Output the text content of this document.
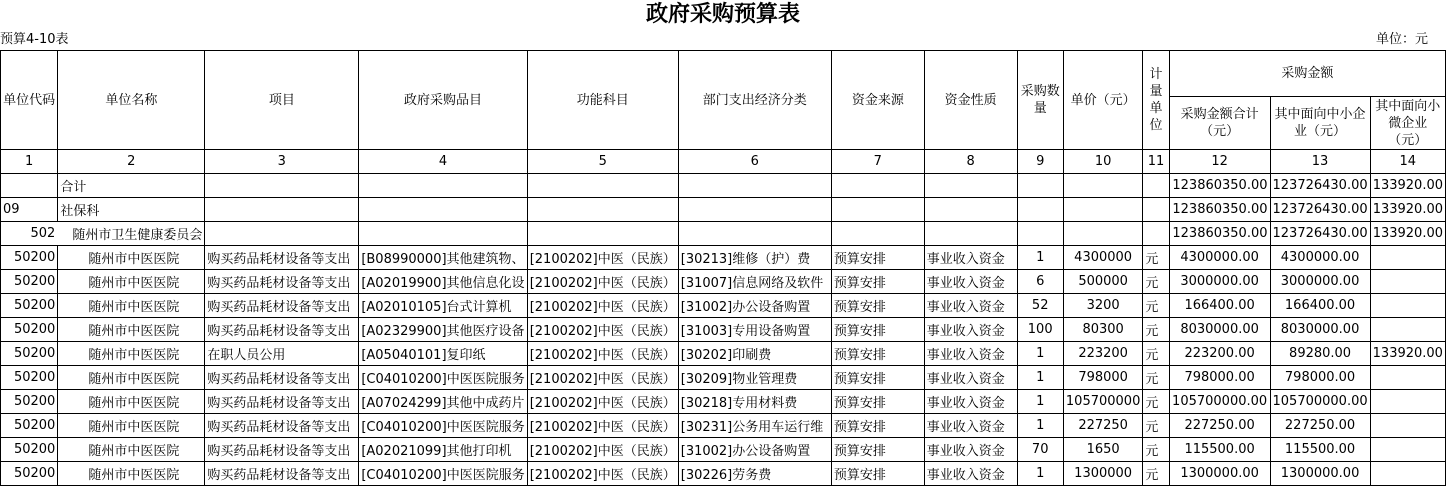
政府采购预算表
预算4-10表	单位：元
单位代码	单位名称	项目	政府采购品目	功能科目	部门支出经济分类	资金来源	资金性质	采购数量	单价（元）	计量单位	采购金额		
											采购金额合计（元）	其中面向中小企业（元）	其中面向小微企业（元）
1	2	3	4	5	6	7	8	9	10	11	12	13	14
	合计										123860350.00	123726430.00	133920.00
09	社保科										123860350.00	123726430.00	133920.00
502	随州市卫生健康委员会										123860350.00	123726430.00	133920.00
50200	随州市中医医院	购买药品耗材设备等支出	[B08990000]其他建筑物、	[2100202]中医（民族）	[30213]维修（护）费	预算安排	事业收入资金	1	4300000	元	4300000.00	4300000.00	
50200	随州市中医医院	购买药品耗材设备等支出	[A02019900]其他信息化设	[2100202]中医（民族）	[31007]信息网络及软件	预算安排	事业收入资金	6	500000	元	3000000.00	3000000.00	
50200	随州市中医医院	购买药品耗材设备等支出	[A02010105]台式计算机	[2100202]中医（民族）	[31002]办公设备购置	预算安排	事业收入资金	52	3200	元	166400.00	166400.00	
50200	随州市中医医院	购买药品耗材设备等支出	[A02329900]其他医疗设备	[2100202]中医（民族）	[31003]专用设备购置	预算安排	事业收入资金	100	80300	元	8030000.00	8030000.00	
50200	随州市中医医院	在职人员公用	[A05040101]复印纸	[2100202]中医（民族）	[30202]印刷费	预算安排	事业收入资金	1	223200	元	223200.00	89280.00	133920.00
50200	随州市中医医院	购买药品耗材设备等支出	[C04010200]中医医院服务	[2100202]中医（民族）	[30209]物业管理费	预算安排	事业收入资金	1	798000	元	798000.00	798000.00	
50200	随州市中医医院	购买药品耗材设备等支出	[A07024299]其他中成药片	[2100202]中医（民族）	[30218]专用材料费	预算安排	事业收入资金	1	105700000	元	105700000.00	105700000.00	
50200	随州市中医医院	购买药品耗材设备等支出	[C04010200]中医医院服务	[2100202]中医（民族）	[30231]公务用车运行维	预算安排	事业收入资金	1	227250	元	227250.00	227250.00	
50200	随州市中医医院	购买药品耗材设备等支出	[A02021099]其他打印机	[2100202]中医（民族）	[31002]办公设备购置	预算安排	事业收入资金	70	1650	元	115500.00	115500.00	
50200	随州市中医医院	购买药品耗材设备等支出	[C04010200]中医医院服务	[2100202]中医（民族）	[30226]劳务费	预算安排	事业收入资金	1	1300000	元	1300000.00	1300000.00	
